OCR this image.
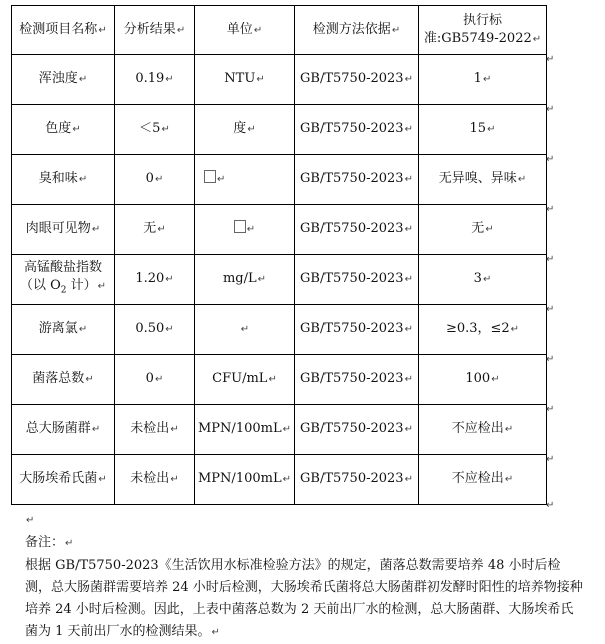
检测项目名称↵	分析结果↵	单位↵	检测方法依据↵	执行标
准:GB5749-2022↵

浑浊度↵	0.19↵	NTU↵	GB/T5750-2023↵	1↵
色度↵	＜5↵	度↵	GB/T5750-2023↵	15↵
臭和味↵	0↵	↵	GB/T5750-2023↵	无异嗅、异味↵
肉眼可见物↵	无↵	↵	GB/T5750-2023↵	无↵

高锰酸盐指数
（以 $O_2$ 计）↵	1.20↵	mg/L↵	GB/T5750-2023↵	3↵
游离氯↵	0.50↵	↵	GB/T5750-2023↵	≥0.3，≤2↵
菌落总数↵	0↵	CFU/mL↵	GB/T5750-2023↵	100↵
总大肠菌群↵	未检出↵	MPN/100mL↵	GB/T5750-2023↵	不应检出↵
大肠埃希氏菌↵	未检出↵	MPN/100mL↵	GB/T5750-2023↵	不应检出↵
↵
↵
↵
↵
↵
↵
↵
↵
↵
↵

↵

备注：↵

根据 GB/T5750-2023《生活饮用水标准检验方法》的规定，菌落总数需要培养 48 小时后检测，总大肠菌群需要培养 24 小时后检测，大肠埃希氏菌将总大肠菌群初发酵时阳性的培养物接种培养 24 小时后检测。因此，上表中菌落总数为 2 天前出厂水的检测，总大肠菌群、大肠埃希氏菌为 1 天前出厂水的检测结果。↵
